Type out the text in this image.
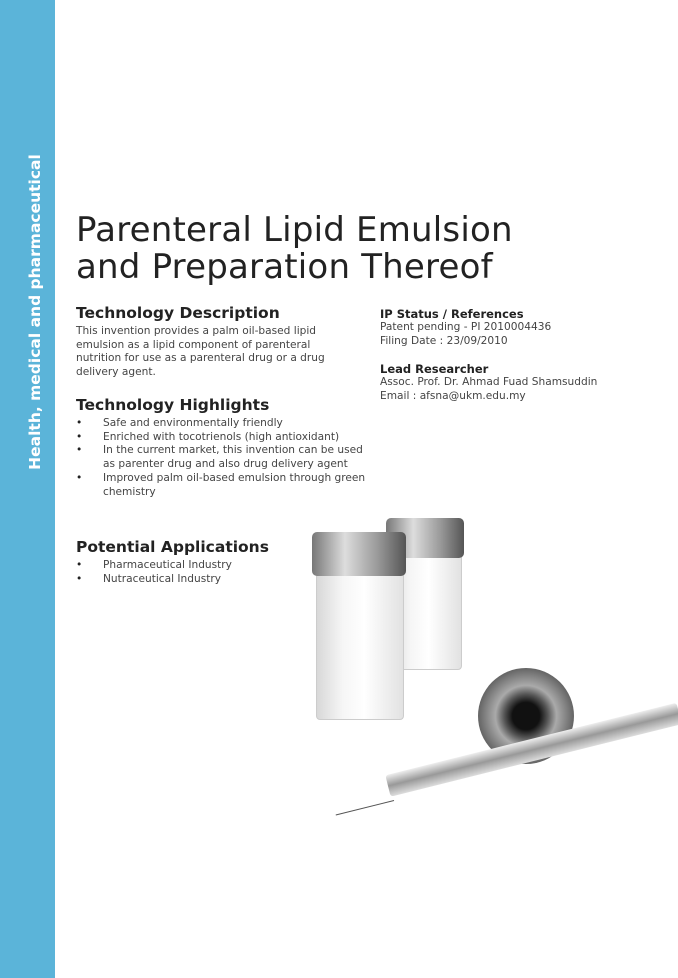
Health, medical and pharmaceutical Parenteral Lipid Emulsion
and Preparation Thereof
Technology Description

This invention provides a palm oil-based lipid emulsion as a lipid component of parenteral nutrition for use as a parenteral drug or a drug delivery agent.

Technology Highlights
• Safe and environmentally friendly
• Enriched with tocotrienols (high antioxidant)
• In the current market, this invention can be used as parenter drug and also drug delivery agent
• Improved palm oil-based emulsion through green chemistry
Potential Applications
• Pharmaceutical Industry
• Nutraceutical Industry
IP Status / References

Patent pending - PI 2010004436

Filing Date : 23/09/2010

Lead Researcher

Assoc. Prof. Dr. Ahmad Fuad Shamsuddin

Email : afsna@ukm.edu.my
